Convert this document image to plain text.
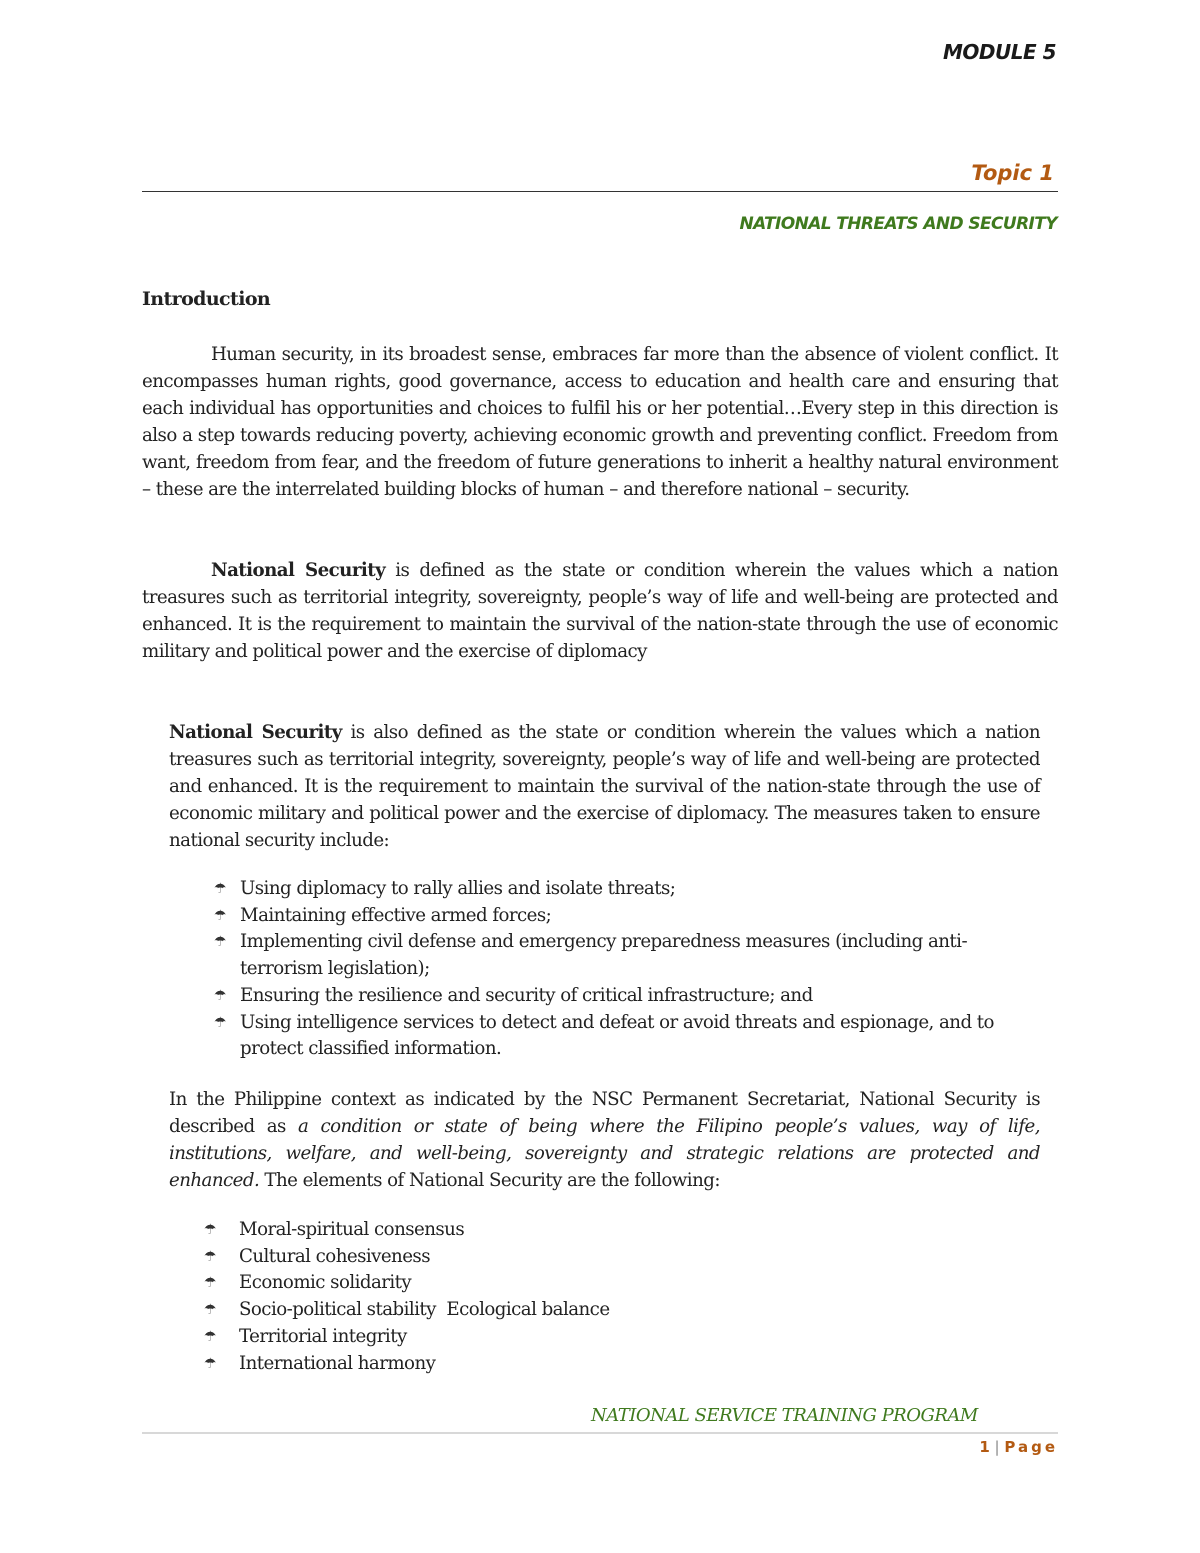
MODULE 5
Topic 1
NATIONAL THREATS AND SECURITY
Introduction

Human security, in its broadest sense, embraces far more than the absence of violent conflict. It encompasses human rights, good governance, access to education and health care and ensuring that each individual has opportunities and choices to fulfil his or her potential…Every step in this direction is also a step towards reducing poverty, achieving economic growth and preventing conflict. Freedom from want, freedom from fear, and the freedom of future generations to inherit a healthy natural environment – these are the interrelated building blocks of human – and therefore national – security.

National Security is defined as the state or condition wherein the values which a nation treasures such as territorial integrity, sovereignty, people’s way of life and well-being are protected and enhanced. It is the requirement to maintain the survival of the nation-state through the use of economic military and political power and the exercise of diplomacy

National Security is also defined as the state or condition wherein the values which a nation treasures such as territorial integrity, sovereignty, people’s way of life and well-being are protected and enhanced. It is the requirement to maintain the survival of the nation-state through the use of economic military and political power and the exercise of diplomacy. The measures taken to ensure national security include:

☂ Using diplomacy to rally allies and isolate threats;
☂ Maintaining effective armed forces;
☂ Implementing civil defense and emergency preparedness measures (including anti-terrorism legislation);
☂ Ensuring the resilience and security of critical infrastructure; and
☂ Using intelligence services to detect and defeat or avoid threats and espionage, and to protect classified information.

In the Philippine context as indicated by the NSC Permanent Secretariat, National Security is described as a condition or state of being where the Filipino people’s values, way of life, institutions, welfare, and well-being, sovereignty and strategic relations are protected and enhanced. The elements of National Security are the following:

☂ Moral-spiritual consensus
☂ Cultural cohesiveness
☂ Economic solidarity
☂ Socio-political stability  Ecological balance
☂ Territorial integrity
☂ International harmony
NATIONAL SERVICE TRAINING PROGRAM
1 | Page
